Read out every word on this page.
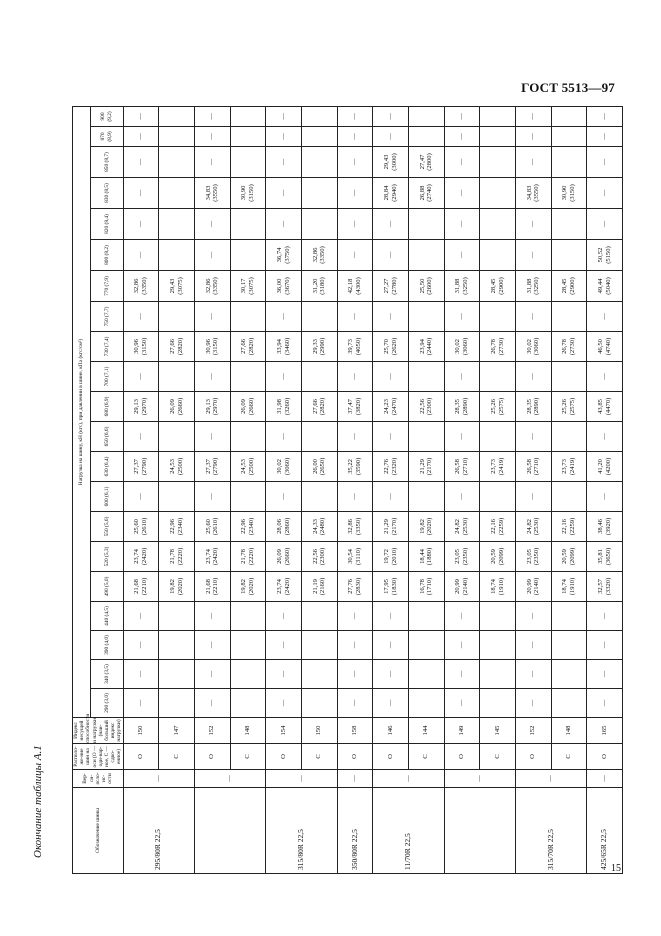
ГОСТ 5513—97
Окончание таблицы А.1	Обозначение шины	Вер-си-ясло-ис-ости	Располо-же-ние шин на оси (О — оди-нар-ное, С — сдво-енное)	Индекс несущей способности и нагрузки (наи-больший индекс нагрузки)	Нагрузка на шину, кН (кгс), при давлении в шине, кПа (кгс/см²)																				
				290 (3,0)	340 (3,5)	390 (4,0)	440 (4,5)	490 (5,0)	520 (5,3)	550 (5,6)	600 (6,1)	630 (6,4)	650 (6,6)	680 (6,9)	700 (7,1)	730 (7,4)	750 (7,7)	770 (7,9)	800 (8,2)	820 (8,4)	830 (8,5)	850 (8,7)	870 (8,9)	900 (9,2)
295/80R 22,5	—	О	150	—	—	—	—	21,68 (2210)	23,74 (2420)	25,60 (2610)	—	27,37 (2790)	—	29,13 (2970)	—	30,96 (3150)	—	32,86 (3350)	—	—	—	—	—	—
		С	147					19,82 (2020)	21,78 (2220)	22,96 (2340)		24,53 (2500)		26,09 (2660)		27,66 (2820)		29,43 (3075)						

	—	О	152	—	—	—	—	21,68 (2210)	23,74 (2420)	25,60 (2610)	—	27,37 (2790)	—	29,13 (2970)	—	30,96 (3150)	—	32,86 (3350)	—	—	34,83 (3550)	—	—	—
		С	148					19,82 (2020)	21,78 (2220)	22,96 (2340)		24,53 (2500)		26,09 (2660)		27,66 (2820)		30,17 (3075)			30,90 (3150)			

315/80R 22,5	—	О	154	—	—	—	—	23,74 (2420)	26,09 (2660)	28,06 (2860)	—	30,02 (3060)	—	31,98 (3260)	—	33,94 (3460)	—	36,00 (3670)	36,74 (3750)	—	—	—	—	—
		С	150					21,19 (2160)	22,56 (2300)	24,33 (2480)		26,00 (2650)		27,66 (2820)		29,33 (2990)		31,20 (3180)	32,86 (3350)					

350/80R 22,5	—	О	158	—	—	—	—	27,76 (2830)	30,54 (3110)	32,86 (3350)	—	35,22 (3590)	—	37,47 (3820)	—	39,73 (4050)	—	42,18 (4300)	—	—	—	—	—	—
11/70R 22,5	—	О	146	—	—	—	—	17,95 (1830)	19,72 (2010)	21,29 (2170)	—	22,76 (2320)	—	24,23 (2470)	—	25,70 (2620)	—	27,27 (2780)	—	—	28,84 (2940)	29,43 (3000)	—	—
		С	144					16,78 (1710)	18,44 (1880)	19,82 (2020)		21,29 (2170)		22,56 (2300)		23,94 (2440)		25,50 (2600)			26,88 (2740)	27,47 (2800)		

	—	О	149	—	—	—	—	20,99 (2140)	23,05 (2350)	24,82 (2530)	—	26,58 (2710)	—	28,35 (2890)	—	30,02 (3060)	—	31,88 (3250)	—	—	—	—	—	—
		С	145					18,74 (1910)	20,59 (2099)	22,16 (2259)		23,73 (2419)		25,26 (2575)		26,78 (2730)		28,45 (2900)						

315/70R 22,5	—	О	152	—	—	—	—	20,99 (2140)	23,05 (2350)	24,82 (2530)	—	26,58 (2710)	—	28,35 (2890)	—	30,02 (3060)	—	31,88 (3250)	—	—	34,83 (3550)	—	—	—
		С	148					18,74 (1910)	20,59 (2099)	22,16 (2259)		23,73 (2419)		25,26 (2575)		26,78 (2730)		28,45 (2900)			30,90 (3150)			

425/65R 22,5	—	О	165	—	—	—	—	32,57 (3320)	35,81 (3650)	38,46 (3920)	—	41,20 (4200)	—	43,85 (4470)	—	46,50 (4740)	—	49,44 (5040)	50,52 (5150)	—	—	—	—	—
15
